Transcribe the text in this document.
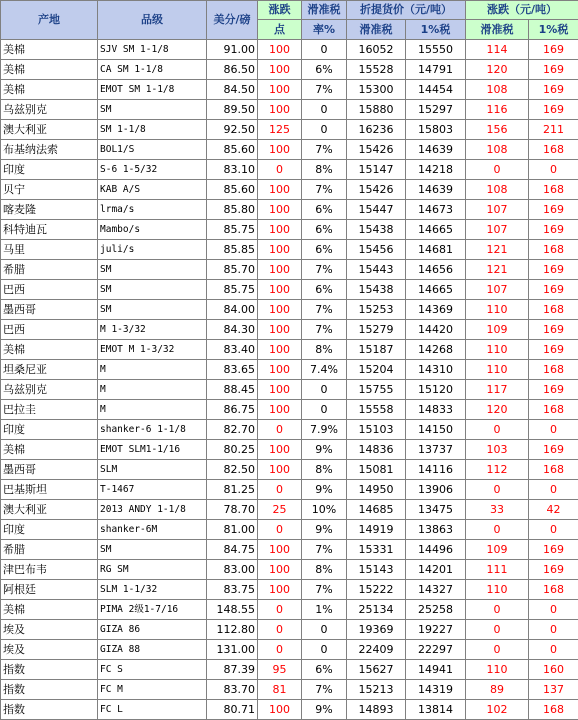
产地	品级	美分/磅	涨跌	滑准税	折提货价（元/吨）		涨跌（元/吨）	
			点	率%	滑准税	1%税	滑准税	1%税
美棉	SJV SM 1-1/8	91.00	100	0	16052	15550	114	169
美棉	CA SM 1-1/8	86.50	100	6%	15528	14791	120	169
美棉	EMOT SM 1-1/8	84.50	100	7%	15300	14454	108	169
乌兹别克	SM	89.50	100	0	15880	15297	116	169
澳大利亚	SM 1-1/8	92.50	125	0	16236	15803	156	211
布基纳法索	BOL1/S	85.60	100	7%	15426	14639	108	168
印度	S-6 1-5/32	83.10	0	8%	15147	14218	0	0
贝宁	KAB A/S	85.60	100	7%	15426	14639	108	168
喀麦隆	lrma/s	85.80	100	6%	15447	14673	107	169
科特迪瓦	Mambo/s	85.75	100	6%	15438	14665	107	169
马里	juli/s	85.85	100	6%	15456	14681	121	168
希腊	SM	85.70	100	7%	15443	14656	121	169
巴西	SM	85.75	100	6%	15438	14665	107	169
墨西哥	SM	84.00	100	7%	15253	14369	110	168
巴西	M 1-3/32	84.30	100	7%	15279	14420	109	169
美棉	EMOT M 1-3/32	83.40	100	8%	15187	14268	110	169
坦桑尼亚	M	83.65	100	7.4%	15204	14310	110	168
乌兹别克	M	88.45	100	0	15755	15120	117	169
巴拉圭	M	86.75	100	0	15558	14833	120	168
印度	shanker-6 1-1/8	82.70	0	7.9%	15103	14150	0	0
美棉	EMOT SLM1-1/16	80.25	100	9%	14836	13737	103	169
墨西哥	SLM	82.50	100	8%	15081	14116	112	168
巴基斯坦	T-1467	81.25	0	9%	14950	13906	0	0
澳大利亚	2013 ANDY 1-1/8	78.70	25	10%	14685	13475	33	42
印度	shanker-6M	81.00	0	9%	14919	13863	0	0
希腊	SM	84.75	100	7%	15331	14496	109	169
津巴布韦	RG SM	83.00	100	8%	15143	14201	111	169
阿根廷	SLM 1-1/32	83.75	100	7%	15222	14327	110	168
美棉	PIMA 2级1-7/16	148.55	0	1%	25134	25258	0	0
埃及	GIZA 86	112.80	0	0	19369	19227	0	0
埃及	GIZA 88	131.00	0	0	22409	22297	0	0
指数	FC S	87.39	95	6%	15627	14941	110	160
指数	FC M	83.70	81	7%	15213	14319	89	137
指数	FC L	80.71	100	9%	14893	13814	102	168
